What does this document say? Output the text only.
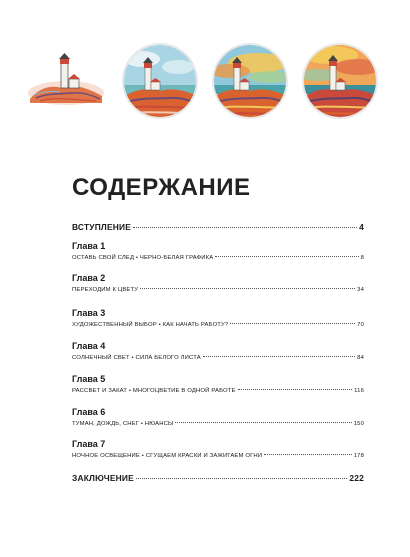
СОДЕРЖАНИЕ
ВСТУПЛЕНИЕ	4
Глава 1
ОСТАВЬ СВОЙ СЛЕД • ЧЕРНО-БЕЛАЯ ГРАФИКА	8
Глава 2
ПЕРЕХОДИМ К ЦВЕТУ	34
Глава 3
ХУДОЖЕСТВЕННЫЙ ВЫБОР • КАК НАЧАТЬ РАБОТУ?	70
Глава 4
СОЛНЕЧНЫЙ СВЕТ • СИЛА БЕЛОГО ЛИСТА	84
Глава 5
РАССВЕТ И ЗАКАТ • МНОГОЦВЕТИЕ В ОДНОЙ РАБОТЕ	116
Глава 6
ТУМАН, ДОЖДЬ, СНЕГ • НЮАНСЫ	150
Глава 7
НОЧНОЕ ОСВЕЩЕНИЕ • СГУЩАЕМ КРАСКИ И ЗАЖИГАЕМ ОГНИ	178
ЗАКЛЮЧЕНИЕ	222
